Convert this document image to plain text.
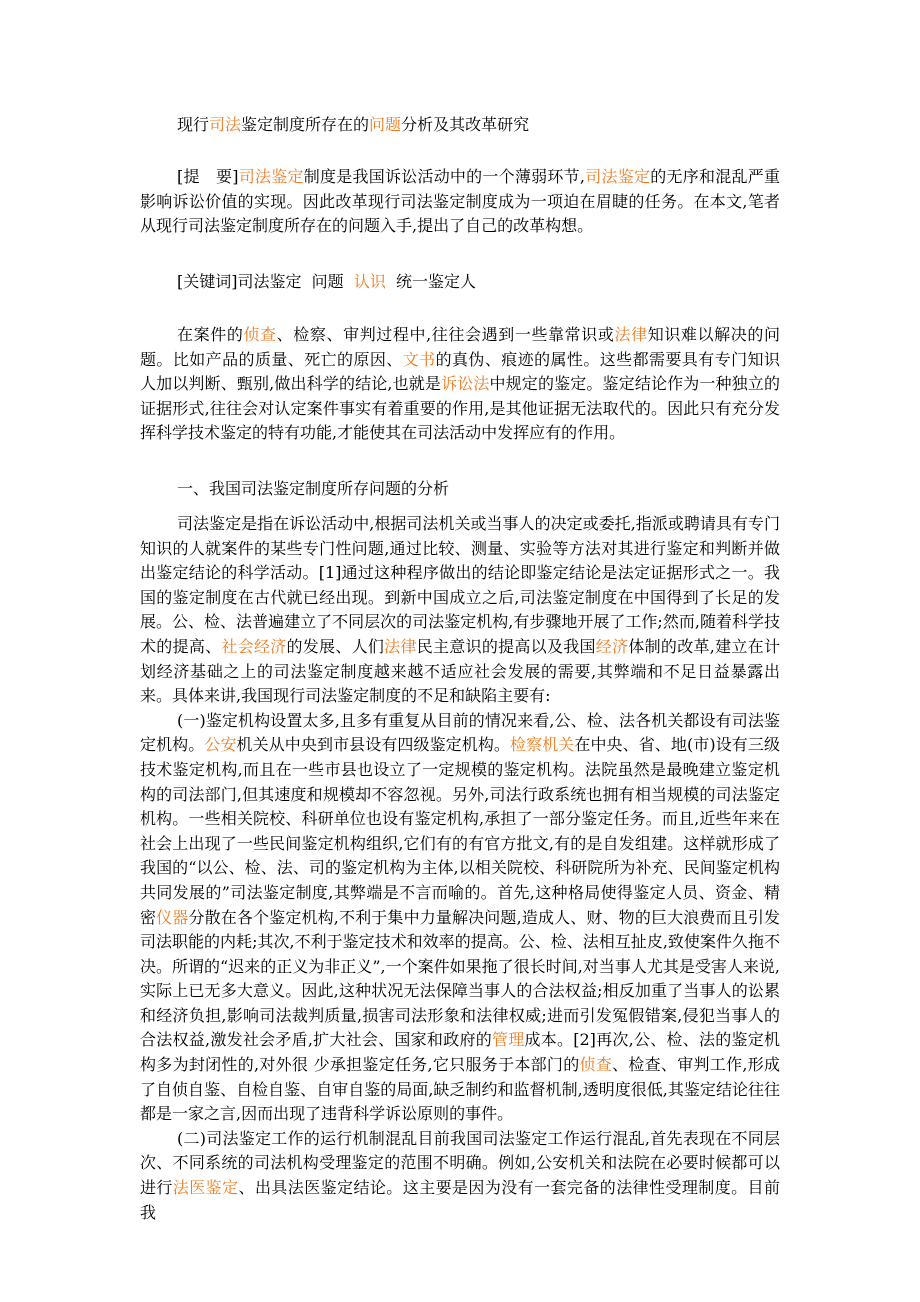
现行司法鉴定制度所存在的问题分析及其改革研究

[提　要]司法鉴定制度是我国诉讼活动中的一个薄弱环节,司法鉴定的无序和混乱严重影响诉讼价值的实现。因此改革现行司法鉴定制度成为一项迫在眉睫的任务。在本文,笔者从现行司法鉴定制度所存在的问题入手,提出了自己的改革构想。

[关键词]司法鉴定  问题  认识  统一鉴定人

在案件的侦查、检察、审判过程中,往往会遇到一些靠常识或法律知识难以解决的问题。比如产品的质量、死亡的原因、文书的真伪、痕迹的属性。这些都需要具有专门知识人加以判断、甄别,做出科学的结论,也就是诉讼法中规定的鉴定。鉴定结论作为一种独立的证据形式,往往会对认定案件事实有着重要的作用,是其他证据无法取代的。因此只有充分发挥科学技术鉴定的特有功能,才能使其在司法活动中发挥应有的作用。

一、我国司法鉴定制度所存问题的分析

司法鉴定是指在诉讼活动中,根据司法机关或当事人的决定或委托,指派或聘请具有专门知识的人就案件的某些专门性问题,通过比较、测量、实验等方法对其进行鉴定和判断并做出鉴定结论的科学活动。[1]通过这种程序做出的结论即鉴定结论是法定证据形式之一。我国的鉴定制度在古代就已经出现。到新中国成立之后,司法鉴定制度在中国得到了长足的发展。公、检、法普遍建立了不同层次的司法鉴定机构,有步骤地开展了工作;然而,随着科学技术的提高、社会经济的发展、人们法律民主意识的提高以及我国经济体制的改革,建立在计划经济基础之上的司法鉴定制度越来越不适应社会发展的需要,其弊端和不足日益暴露出来。具体来讲,我国现行司法鉴定制度的不足和缺陷主要有:

(一)鉴定机构设置太多,且多有重复从目前的情况来看,公、检、法各机关都设有司法鉴定机构。公安机关从中央到市县设有四级鉴定机构。检察机关在中央、省、地(市)设有三级技术鉴定机构,而且在一些市县也设立了一定规模的鉴定机构。法院虽然是最晚建立鉴定机构的司法部门,但其速度和规模却不容忽视。另外,司法行政系统也拥有相当规模的司法鉴定机构。一些相关院校、科研单位也设有鉴定机构,承担了一部分鉴定任务。而且,近些年来在社会上出现了一些民间鉴定机构组织,它们有的有官方批文,有的是自发组建。这样就形成了我国的“以公、检、法、司的鉴定机构为主体,以相关院校、科研院所为补充、民间鉴定机构共同发展的”司法鉴定制度,其弊端是不言而喻的。首先,这种格局使得鉴定人员、资金、精密仪器分散在各个鉴定机构,不利于集中力量解决问题,造成人、财、物的巨大浪费而且引发司法职能的内耗;其次,不利于鉴定技术和效率的提高。公、检、法相互扯皮,致使案件久拖不决。所谓的“迟来的正义为非正义”,一个案件如果拖了很长时间,对当事人尤其是受害人来说,实际上已无多大意义。因此,这种状况无法保障当事人的合法权益;相反加重了当事人的讼累和经济负担,影响司法裁判质量,损害司法形象和法律权威;进而引发冤假错案,侵犯当事人的合法权益,激发社会矛盾,扩大社会、国家和政府的管理成本。[2]再次,公、检、法的鉴定机构多为封闭性的,对外很 少承担鉴定任务,它只服务于本部门的侦查、检查、审判工作,形成了自侦自鉴、自检自鉴、自审自鉴的局面,缺乏制约和监督机制,透明度很低,其鉴定结论往往都是一家之言,因而出现了违背科学诉讼原则的事件。

(二)司法鉴定工作的运行机制混乱目前我国司法鉴定工作运行混乱,首先表现在不同层次、不同系统的司法机构受理鉴定的范围不明确。例如,公安机关和法院在必要时候都可以进行法医鉴定、出具法医鉴定结论。这主要是因为没有一套完备的法律性受理制度。目前我
